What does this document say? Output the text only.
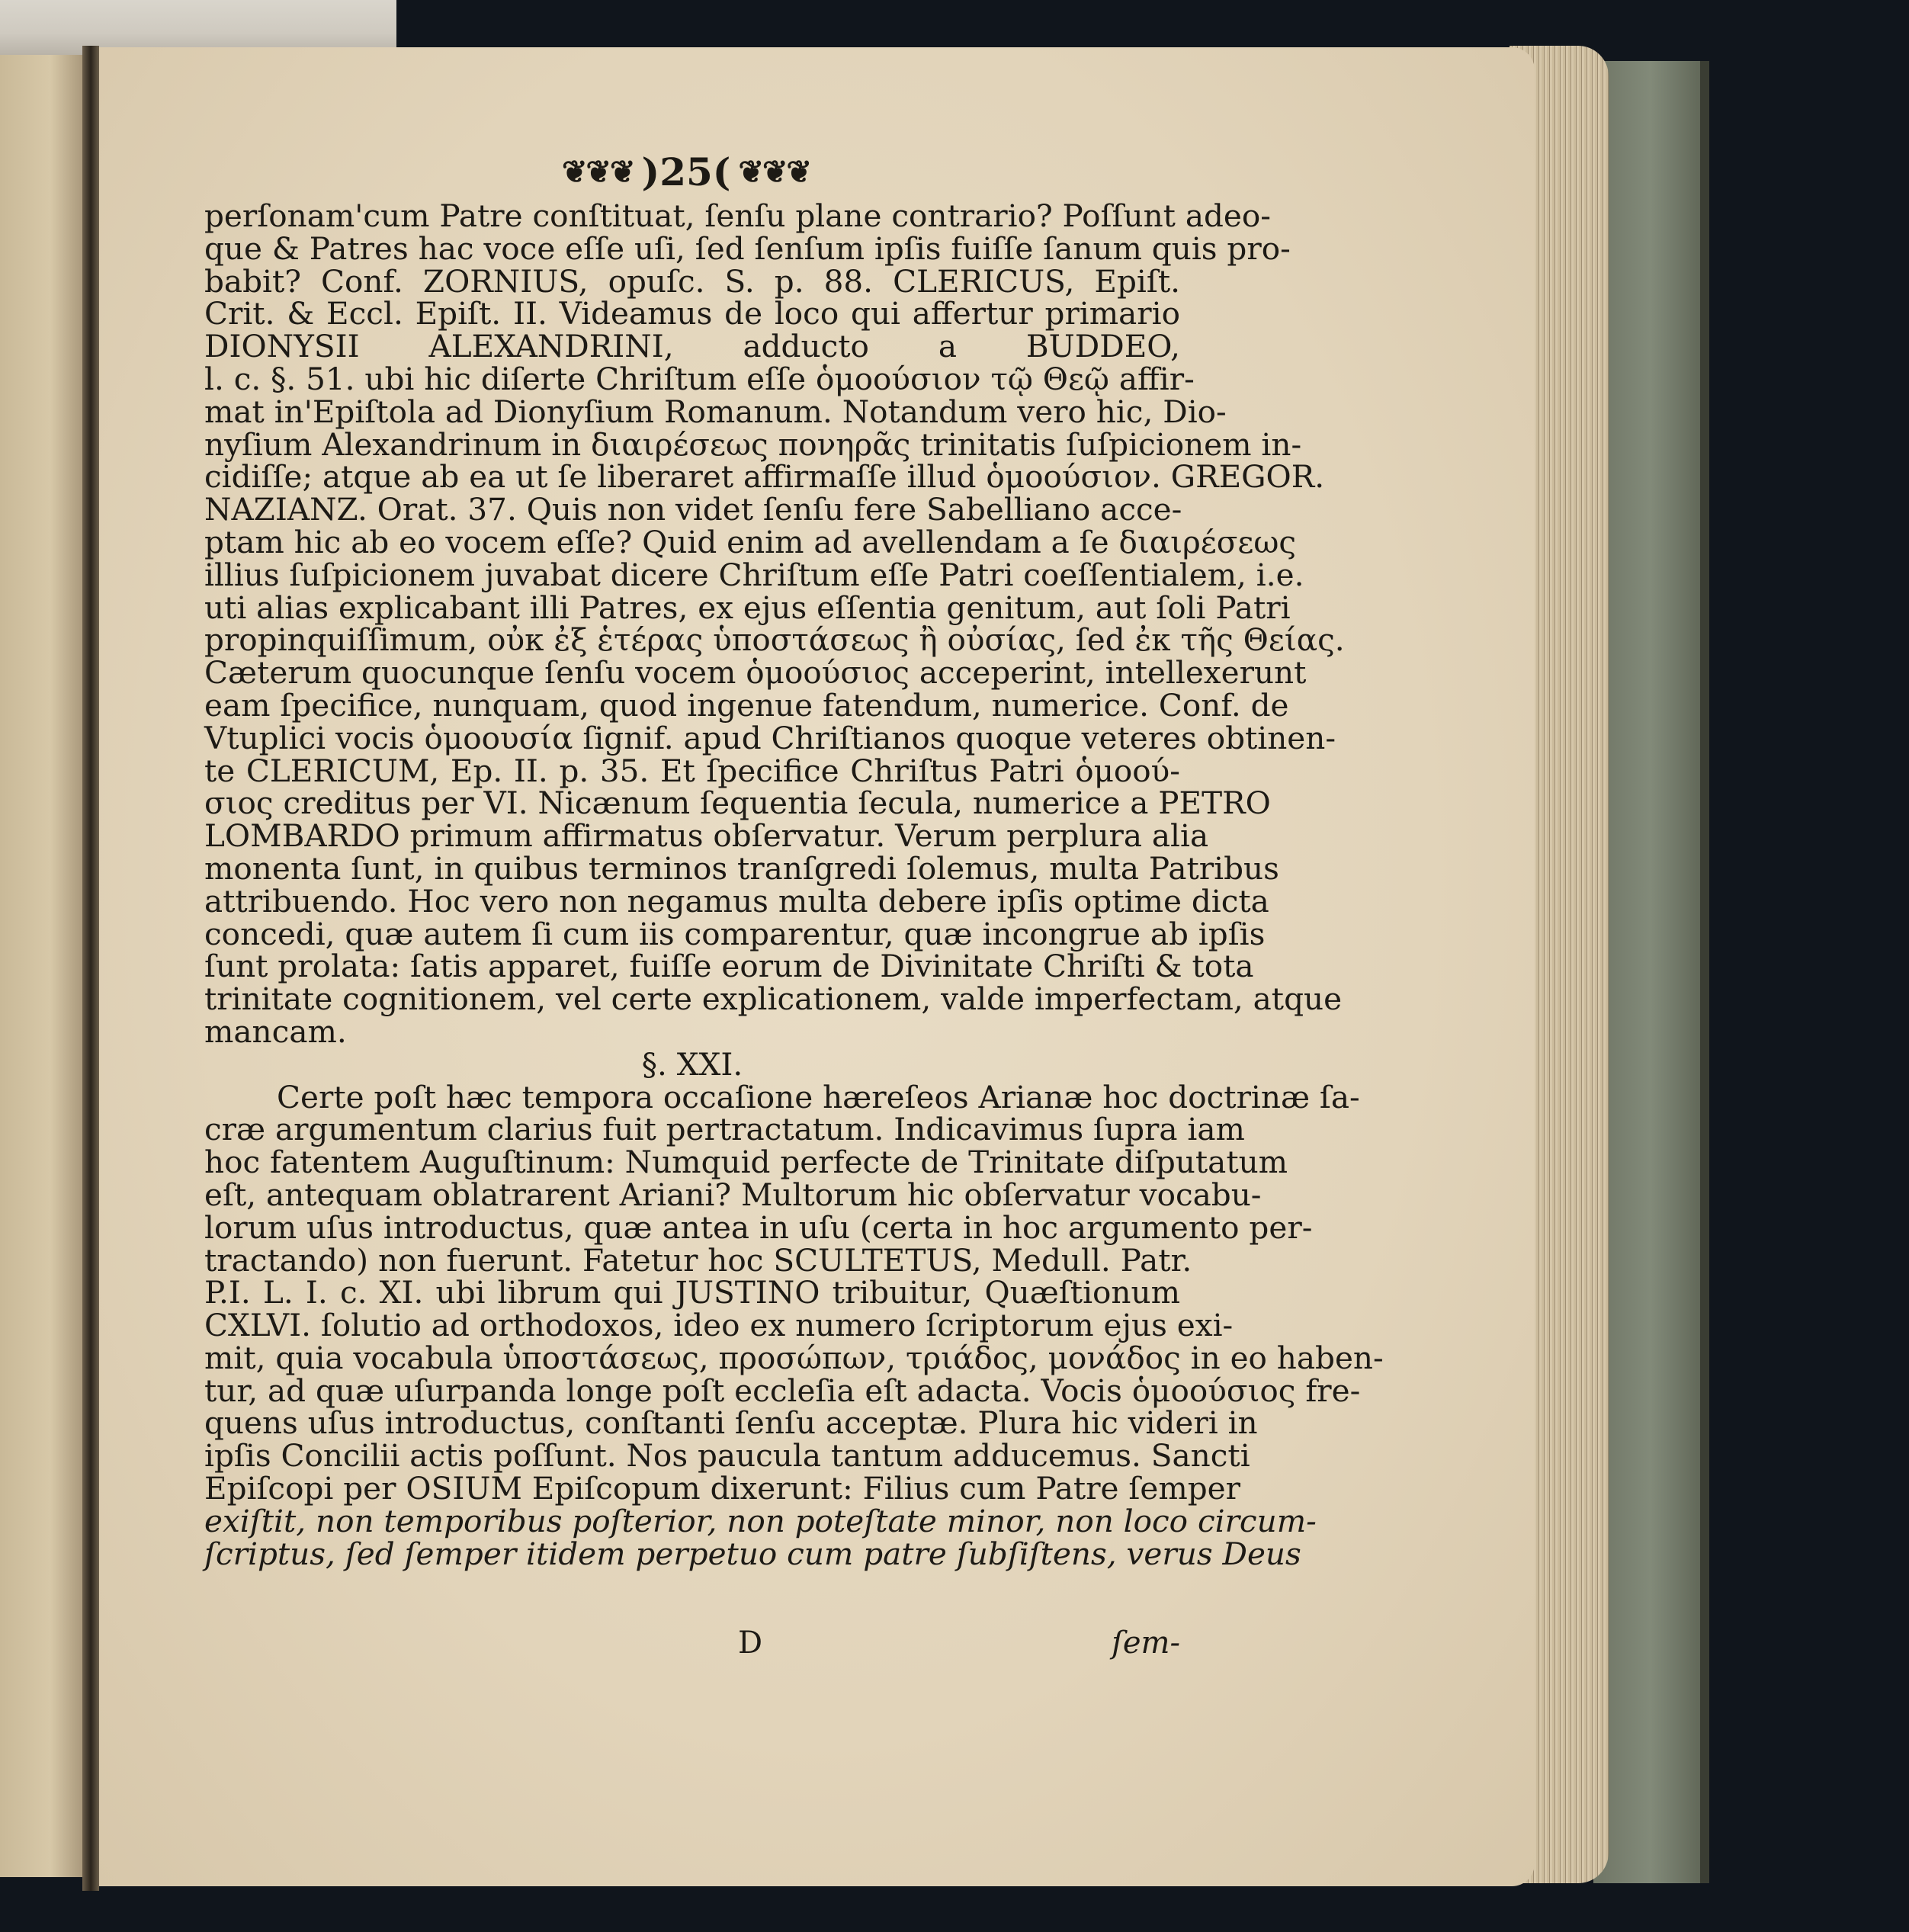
❦❦❦ )25( ❦❦❦
perſonam'cum Patre conſtituat, ſenſu plane contrario? Poſſunt adeo-
que & Patres hac voce eſſe uſi, ſed ſenſum ipſis fuiſſe ſanum quis pro-
babit? Conf. ZORNIUS, opuſc. S. p. 88. CLERICUS, Epiſt.
Crit. & Eccl. Epiſt. II. Videamus de loco qui affertur primario
DIONYSII ALEXANDRINI, adducto a BUDDEO,
l. c. §. 51. ubi hic diſerte Chriſtum eſſe ὁμοούσιον τῷ Θεῷ affir-
mat in'Epiſtola ad Dionyſium Romanum. Notandum vero hic, Dio-
nyſium Alexandrinum in διαιρέσεως πονηρᾶς trinitatis ſuſpicionem in-
cidiſſe; atque ab ea ut ſe liberaret affirmaſſe illud ὁμοούσιον. GREGOR.
NAZIANZ. Orat. 37. Quis non videt ſenſu fere Sabelliano acce-
ptam hic ab eo vocem eſſe? Quid enim ad avellendam a ſe διαιρέσεως
illius ſuſpicionem juvabat dicere Chriſtum eſſe Patri coeſſentialem, i.e.
uti alias explicabant illi Patres, ex ejus eſſentia genitum, aut ſoli Patri
propinquiſſimum, οὐκ ἐξ ἑτέρας ὑποστάσεως ἢ οὐσίας, ſed ἐκ τῆς Θείας.
Cæterum quocunque ſenſu vocem ὁμοούσιος acceperint, intellexerunt
eam ſpecifice, nunquam, quod ingenue fatendum, numerice. Conf. de
Vtuplici vocis ὁμοουσία ſignif. apud Chriſtianos quoque veteres obtinen-
te CLERICUM, Ep. II. p. 35. Et ſpecifice Chriſtus Patri ὁμοού-
σιος creditus per VI. Nicænum ſequentia ſecula, numerice a PETRO
LOMBARDO primum affirmatus obſervatur. Verum perplura alia
monenta ſunt, in quibus terminos tranſgredi ſolemus, multa Patribus
attribuendo. Hoc vero non negamus multa debere ipſis optime dicta
concedi, quæ autem ſi cum iis comparentur, quæ incongrue ab ipſis
ſunt prolata: ſatis apparet, fuiſſe eorum de Divinitate Chriſti & tota
trinitate cognitionem, vel certe explicationem, valde imperfectam, atque
mancam.
§. XXI.
Certe poſt hæc tempora occaſione hæreſeos Arianæ hoc doctrinæ ſa-
cræ argumentum clarius fuit pertractatum. Indicavimus ſupra iam
hoc fatentem Auguſtinum: Numquid perfecte de Trinitate diſputatum
eſt, antequam oblatrarent Ariani? Multorum hic obſervatur vocabu-
lorum uſus introductus, quæ antea in uſu (certa in hoc argumento per-
tractando) non fuerunt. Fatetur hoc SCULTETUS, Medull. Patr.
P.I. L. I. c. XI. ubi librum qui JUSTINO tribuitur, Quæſtionum
CXLVI. ſolutio ad orthodoxos, ideo ex numero ſcriptorum ejus exi-
mit, quia vocabula ὑποστάσεως, προσώπων, τριάδος, μονάδος in eo haben-
tur, ad quæ uſurpanda longe poſt eccleſia eſt adacta. Vocis ὁμοούσιος fre-
quens uſus introductus, conſtanti ſenſu acceptæ. Plura hic videri in
ipſis Concilii actis poſſunt. Nos paucula tantum adducemus. Sancti
Epiſcopi per OSIUM Epiſcopum dixerunt: Filius cum Patre ſemper
exiſtit, non temporibus poſterior, non poteſtate minor, non loco circum-
ſcriptus, ſed ſemper itidem perpetuo cum patre ſubſiſtens, verus Deus
D	ſem-
